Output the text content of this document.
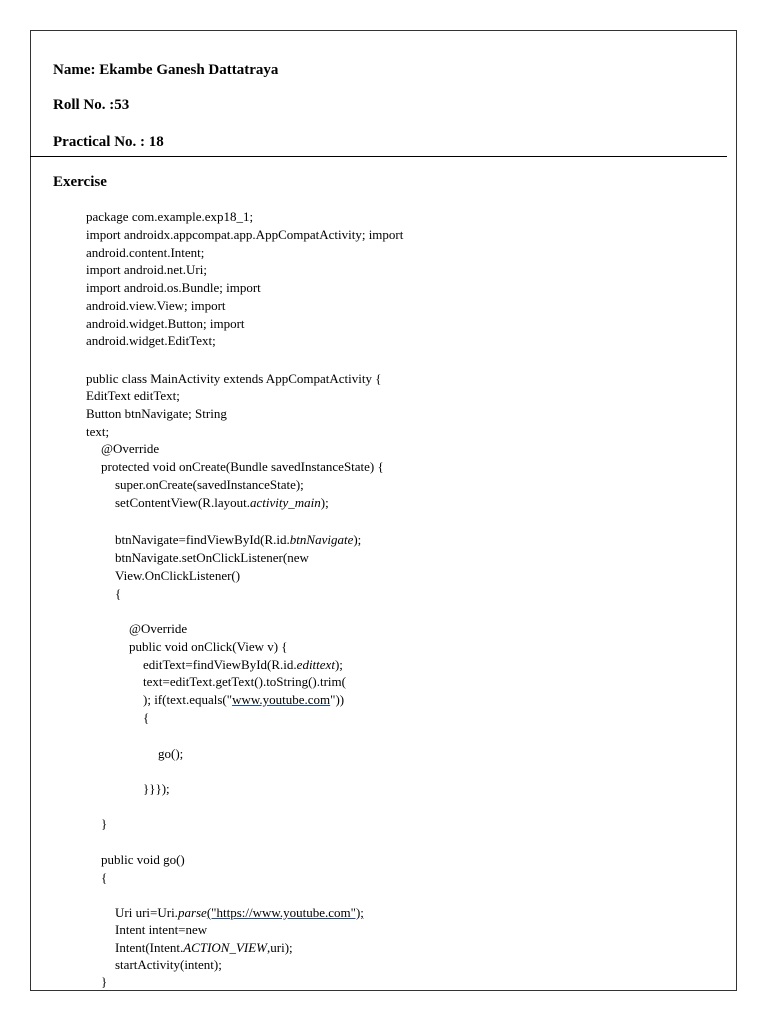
Name: Ekambe Ganesh Dattatraya
Roll No. :53
Practical No. : 18
Exercise
package com.example.exp18_1;
import androidx.appcompat.app.AppCompatActivity; import
android.content.Intent;
import android.net.Uri;
import android.os.Bundle; import
android.view.View; import
android.widget.Button; import
android.widget.EditText;
public class MainActivity extends AppCompatActivity {
EditText editText;
Button btnNavigate; String
text;
@Override
protected void onCreate(Bundle savedInstanceState) {
super.onCreate(savedInstanceState);
setContentView(R.layout.activity_main);
btnNavigate=findViewById(R.id.btnNavigate);
btnNavigate.setOnClickListener(new
View.OnClickListener()
{
@Override
public void onClick(View v) {
editText=findViewById(R.id.edittext);
text=editText.getText().toString().trim(
); if(text.equals("www.youtube.com"))
{
go();
}}});
}
public void go()
{
Uri uri=Uri.parse("https://www.youtube.com");
Intent intent=new
Intent(Intent.ACTION_VIEW,uri);
startActivity(intent);
}
